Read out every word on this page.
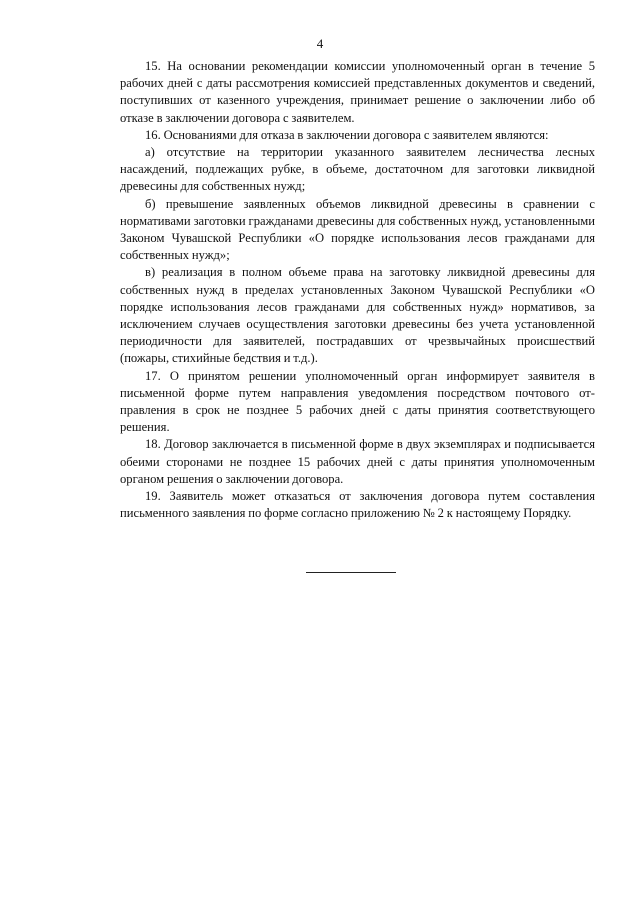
4

15. На основании рекомендации комиссии уполномоченный орган в течение 5 рабочих дней с даты рассмотрения комиссией представленных документов и сведений, поступивших от казенного учреждения, принимает решение о заключении либо об отказе в заключении договора с заявителем.

16. Основаниями для отказа в заключении договора с заявителем являются:

а) отсутствие на территории указанного заявителем лесничества лесных насаждений, подлежащих рубке, в объеме, достаточном для заготовки ликвидной древесины для собственных нужд;

б) превышение заявленных объемов ликвидной древесины в сравнении с нормативами заготовки гражданами древесины для собственных нужд, установленными Законом Чувашской Республики «О порядке использования лесов гражданами для собственных нужд»;

в) реализация в полном объеме права на заготовку ликвидной древесины для собственных нужд в пределах установленных Законом Чувашской Республики «О порядке использования лесов гражданами для собственных нужд» нормативов, за исключением случаев осуществления заготовки древесины без учета установленной периодичности для заявителей, пострадавших от чрезвычайных происшествий (пожары, стихийные бедствия и т.д.).

17. О принятом решении уполномоченный орган информирует заявителя в письменной форме путем направления уведомления посредством почтового отправления в срок не позднее 5 рабочих дней с даты принятия соответствующего решения.

18. Договор заключается в письменной форме в двух экземплярах и подписывается обеими сторонами не позднее 15 рабочих дней с даты принятия уполномоченным органом решения о заключении договора.

19. Заявитель может отказаться от заключения договора путем составления письменного заявления по форме согласно приложению № 2 к настоящему Порядку.
